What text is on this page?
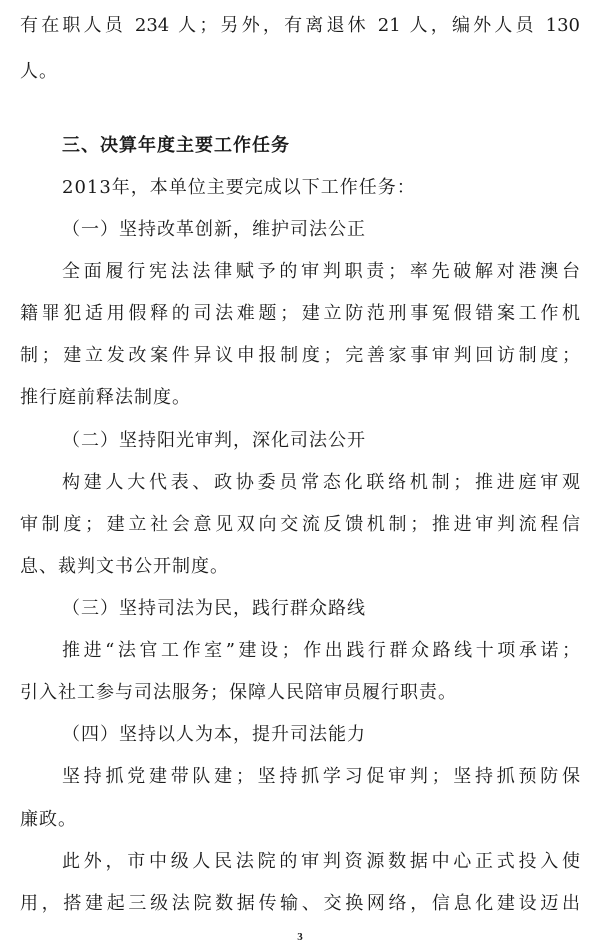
有在职人员 234 人；另外，有离退休 21 人，编外人员 130
人。
三、决算年度主要工作任务
2013年，本单位主要完成以下工作任务：
（一）坚持改革创新，维护司法公正
全面履行宪法法律赋予的审判职责；率先破解对港澳台
籍罪犯适用假释的司法难题；建立防范刑事冤假错案工作机
制；建立发改案件异议申报制度；完善家事审判回访制度；
推行庭前释法制度。
（二）坚持阳光审判，深化司法公开
构建人大代表、政协委员常态化联络机制；推进庭审观
审制度；建立社会意见双向交流反馈机制；推进审判流程信
息、裁判文书公开制度。
（三）坚持司法为民，践行群众路线
推进“法官工作室”建设；作出践行群众路线十项承诺；
引入社工参与司法服务；保障人民陪审员履行职责。
（四）坚持以人为本，提升司法能力
坚持抓党建带队建；坚持抓学习促审判；坚持抓预防保
廉政。
此外，市中级人民法院的审判资源数据中心正式投入使
用，搭建起三级法院数据传输、交换网络，信息化建设迈出
3
